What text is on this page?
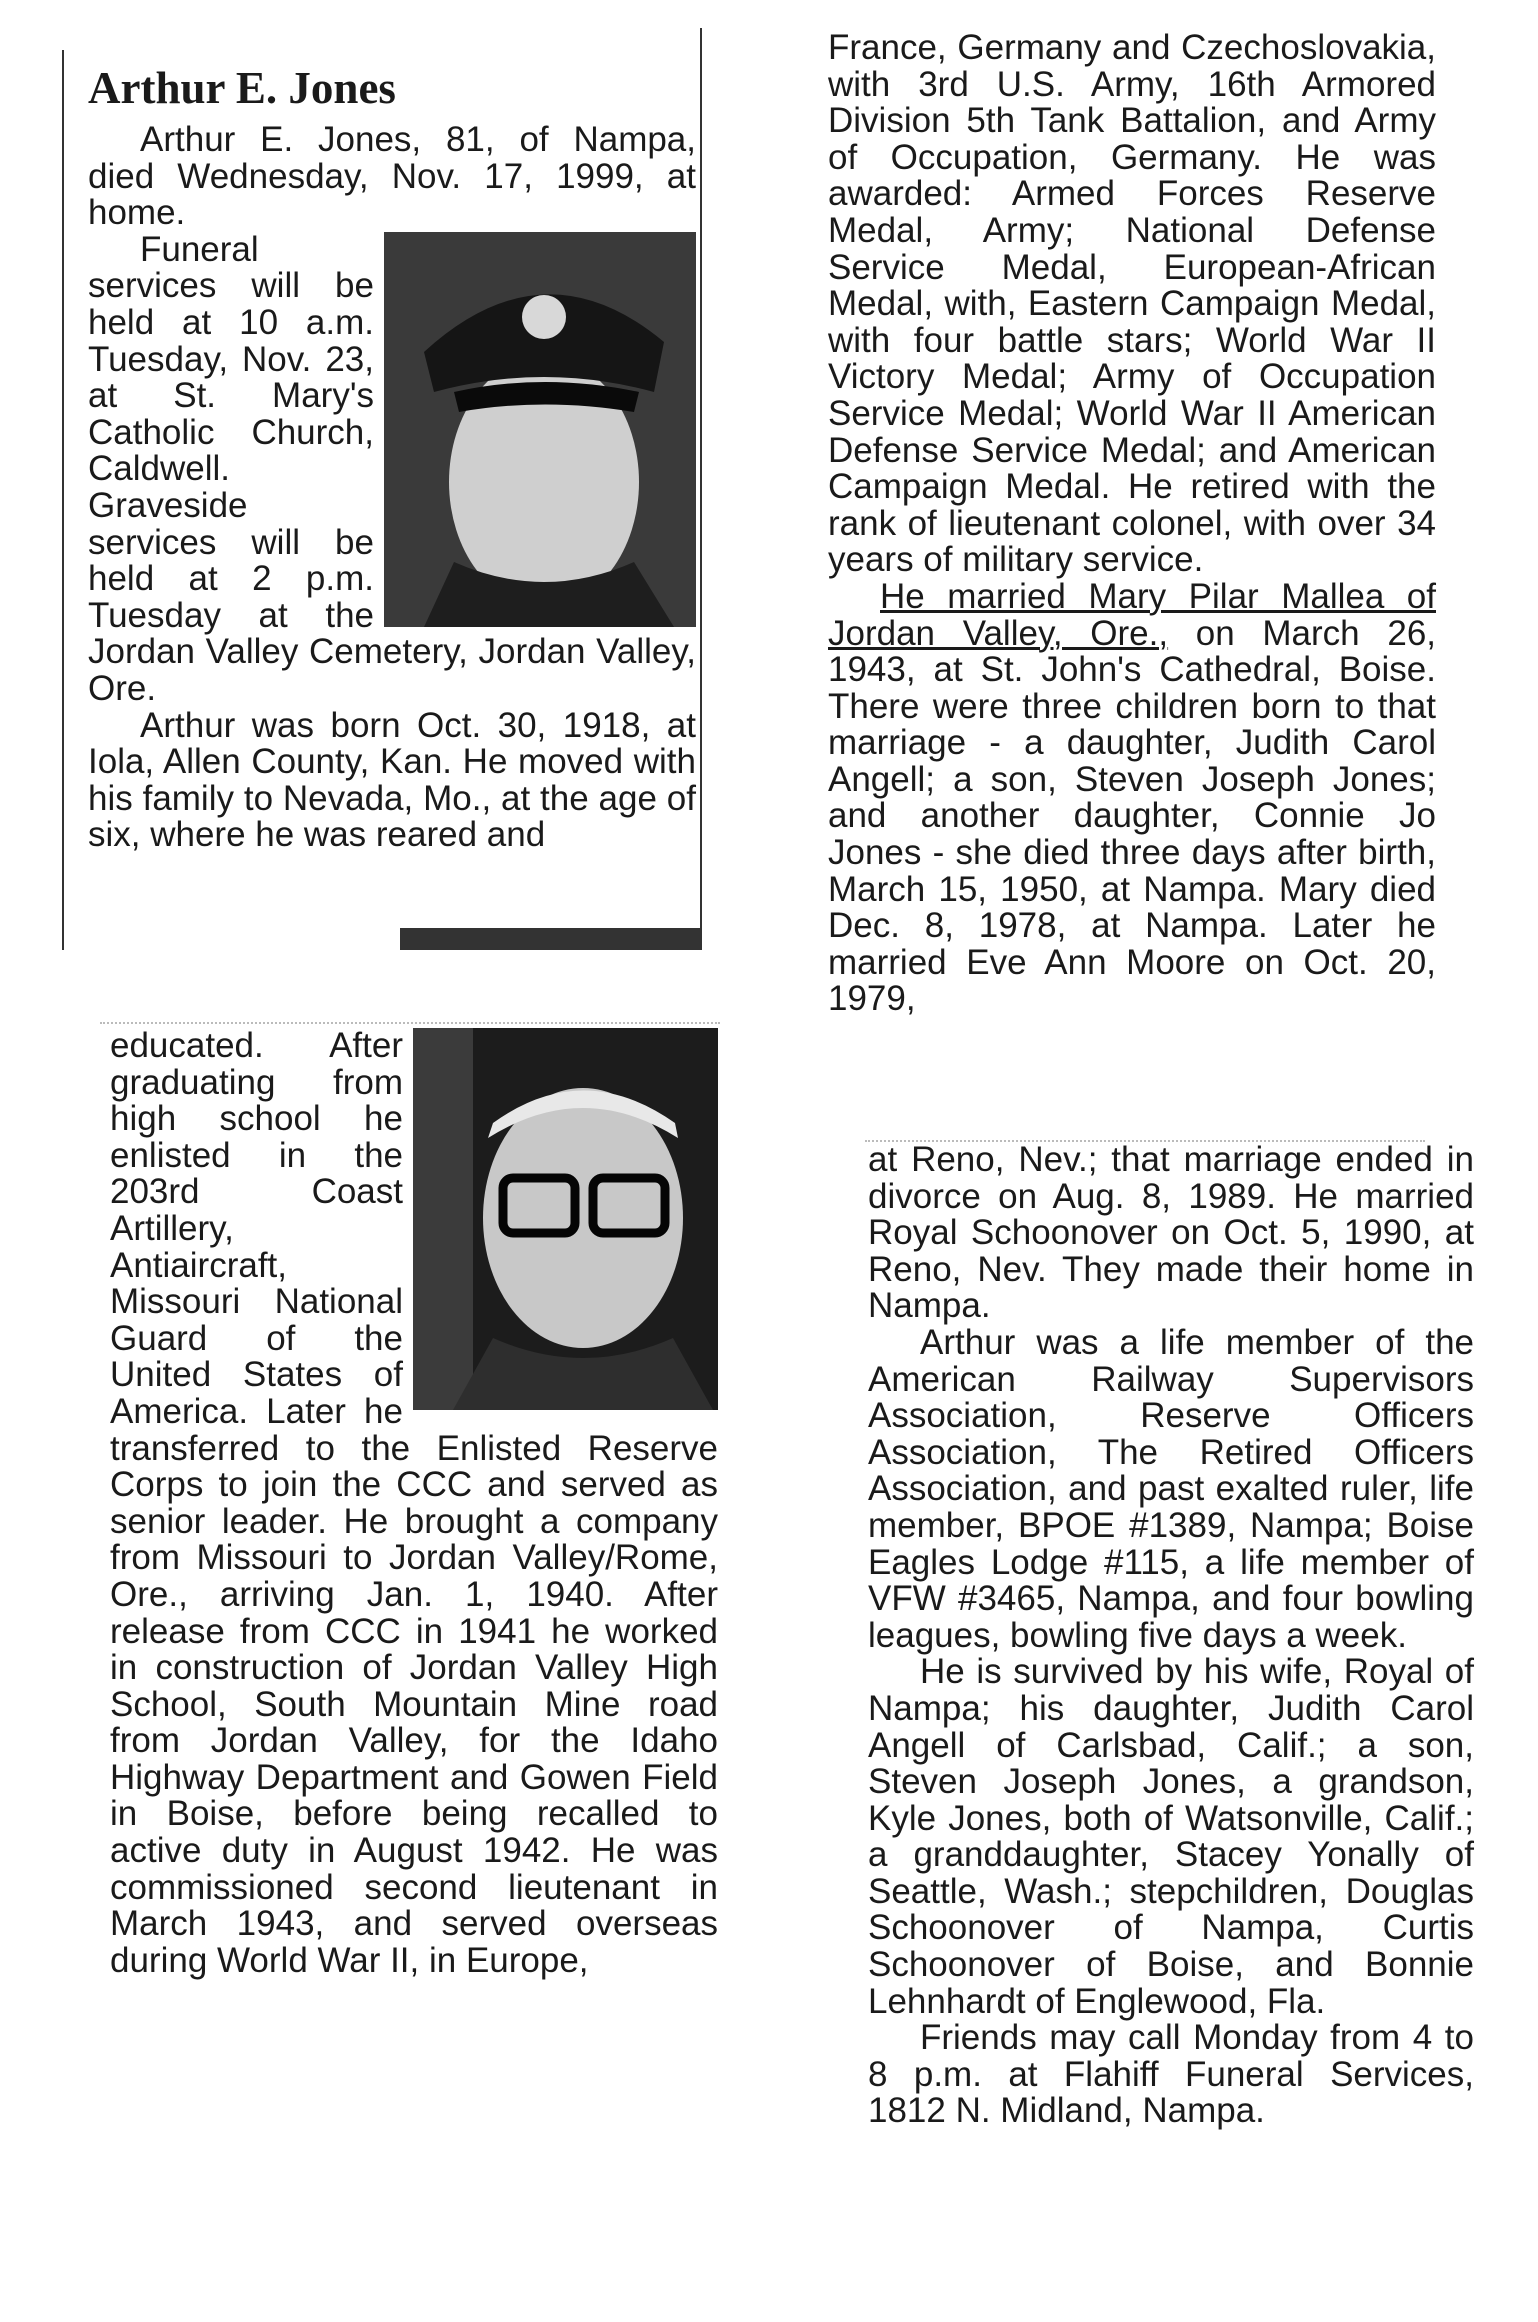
Arthur E. Jones

Arthur E. Jones, 81, of Nampa, died Wednesday, Nov. 17, 1999, at home.

Funeral services will be held at 10 a.m. Tuesday, Nov. 23, at St. Mary's Catholic Church, Caldwell. Graveside services will be held at 2 p.m. Tuesday at the Jordan Valley Cemetery, Jordan Valley, Ore.

Arthur was born Oct. 30, 1918, at Iola, Allen County, Kan. He moved with his family to Nevada, Mo., at the age of six, where he was reared and

educated. After graduating from high school he enlisted in the 203rd Coast Artillery, Antiaircraft, Missouri National Guard of the United States of America. Later he transferred to the Enlisted Reserve Corps to join the CCC and served as senior leader. He brought a company from Missouri to Jordan Valley/Rome, Ore., arriving Jan. 1, 1940. After release from CCC in 1941 he worked in construction of Jordan Valley High School, South Mountain Mine road from Jordan Valley, for the Idaho Highway Department and Gowen Field in Boise, before being recalled to active duty in August 1942. He was commissioned second lieutenant in March 1943, and served overseas during World War II, in Europe,

France, Germany and Czechoslovakia, with 3rd U.S. Army, 16th Armored Division 5th Tank Battalion, and Army of Occupation, Germany. He was awarded: Armed Forces Reserve Medal, Army; National Defense Service Medal, European-African Medal, with, Eastern Campaign Medal, with four battle stars; World War II Victory Medal; Army of Occupation Service Medal; World War II American Defense Service Medal; and American Campaign Medal. He retired with the rank of lieutenant colonel, with over 34 years of military service.

He married Mary Pilar Mallea of Jordan Valley, Ore., on March 26, 1943, at St. John's Cathedral, Boise. There were three children born to that marriage - a daughter, Judith Carol Angell; a son, Steven Joseph Jones; and another daughter, Connie Jo Jones - she died three days after birth, March 15, 1950, at Nampa. Mary died Dec. 8, 1978, at Nampa. Later he married Eve Ann Moore on Oct. 20, 1979,

at Reno, Nev.; that marriage ended in divorce on Aug. 8, 1989. He married Royal Schoonover on Oct. 5, 1990, at Reno, Nev. They made their home in Nampa.

Arthur was a life member of the American Railway Supervisors Association, Reserve Officers Association, The Retired Officers Association, and past exalted ruler, life member, BPOE #1389, Nampa; Boise Eagles Lodge #115, a life member of VFW #3465, Nampa, and four bowling leagues, bowling five days a week.

He is survived by his wife, Royal of Nampa; his daughter, Judith Carol Angell of Carlsbad, Calif.; a son, Steven Joseph Jones, a grandson, Kyle Jones, both of Watsonville, Calif.; a granddaughter, Stacey Yonally of Seattle, Wash.; stepchildren, Douglas Schoonover of Nampa, Curtis Schoonover of Boise, and Bonnie Lehnhardt of Englewood, Fla.

Friends may call Monday from 4 to 8 p.m. at Flahiff Funeral Services, 1812 N. Midland, Nampa.
